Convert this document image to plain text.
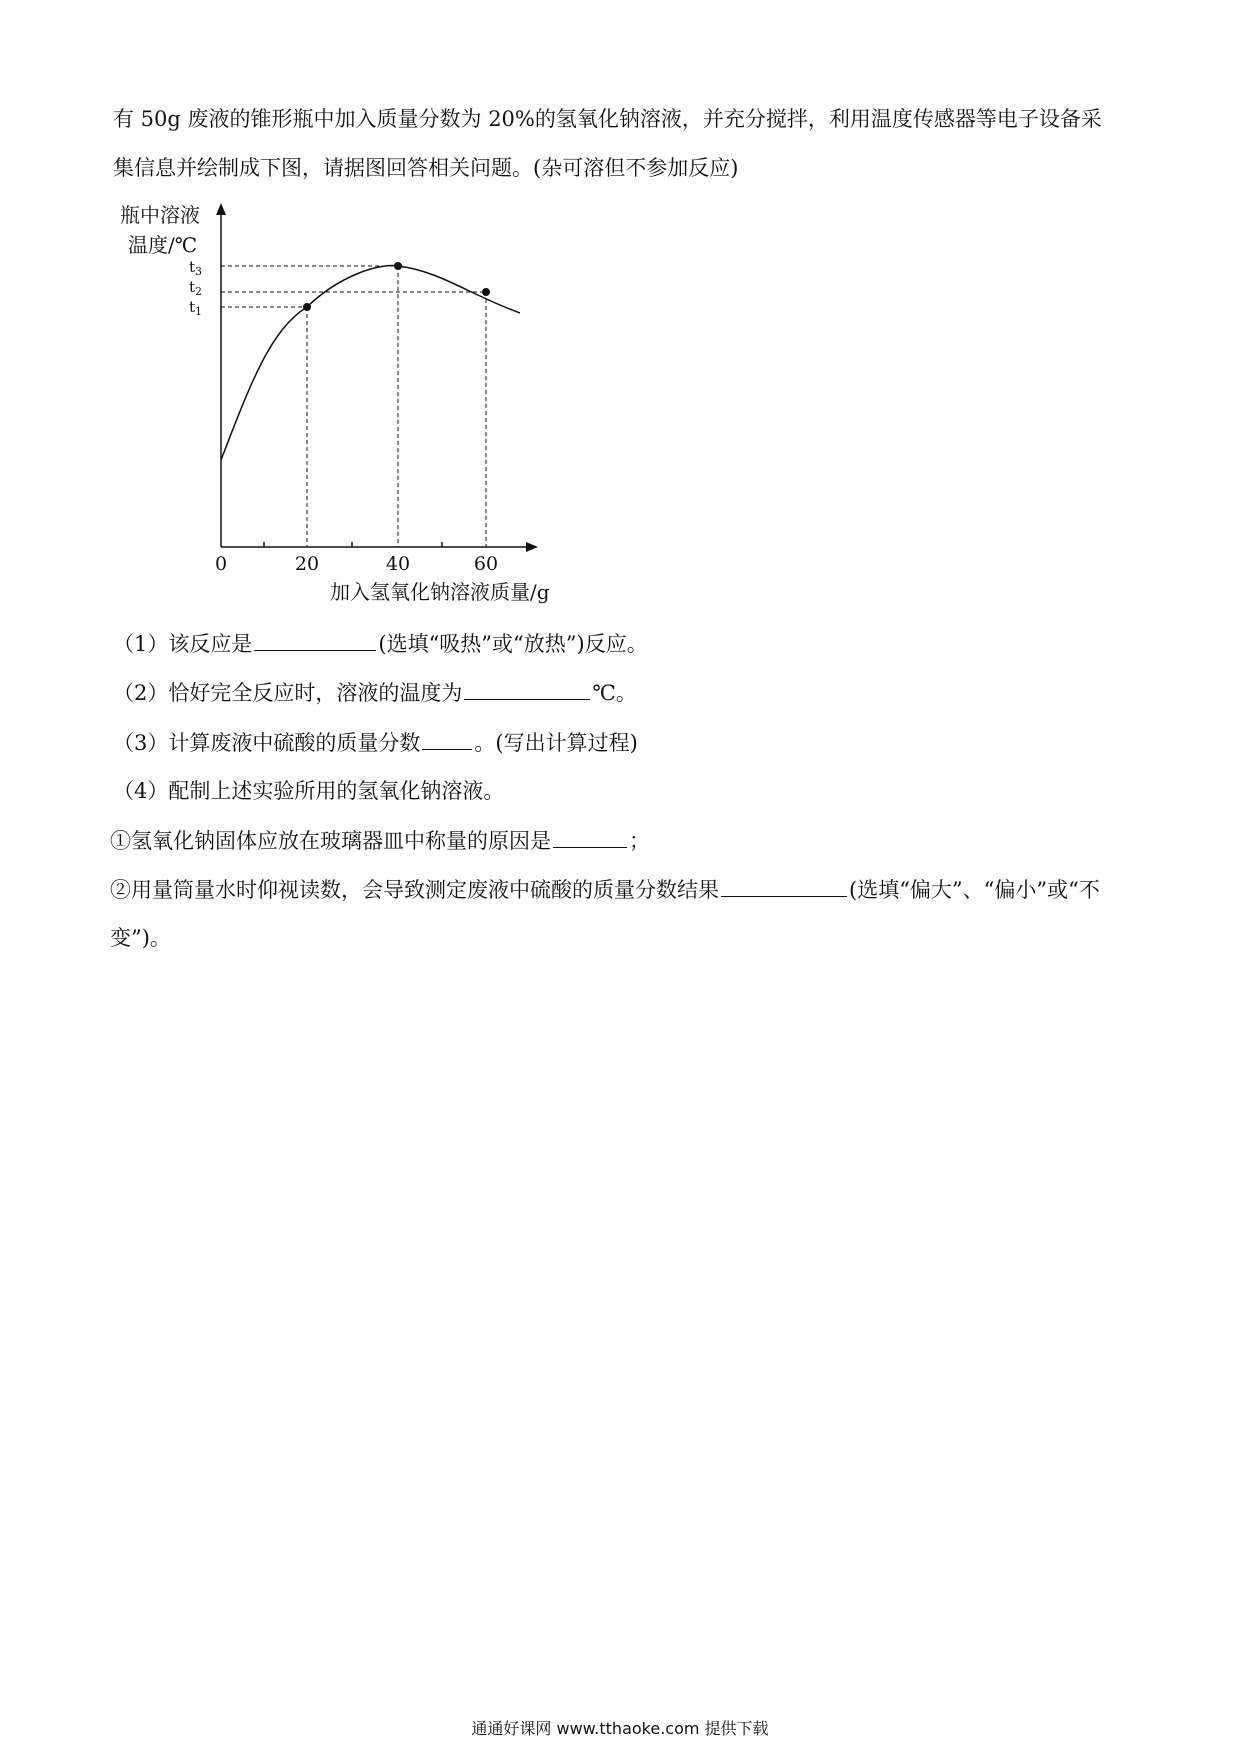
有 50g 废液的锥形瓶中加入质量分数为 20%的氢氧化钠溶液，并充分搅拌，利用温度传感器等电子设备采
集信息并绘制成下图，请据图回答相关问题。(杂可溶但不参加反应)
瓶中溶液
温度/℃
$t_3$
$t_2$
$t_1$
0	20	40	60
加入氢氧化钠溶液质量/g
（1）该反应是	(选填“吸热”或“放热”)反应。
（2）恰好完全反应时，溶液的温度为	℃。
（3）计算废液中硫酸的质量分数	。(写出计算过程)
（4）配制上述实验所用的氢氧化钠溶液。
①氢氧化钠固体应放在玻璃器皿中称量的原因是	；
②用量筒量水时仰视读数，会导致测定废液中硫酸的质量分数结果	(选填“偏大”、“偏小”或“不
变”)。
通通好课网 www.tthaoke.com 提供下载
